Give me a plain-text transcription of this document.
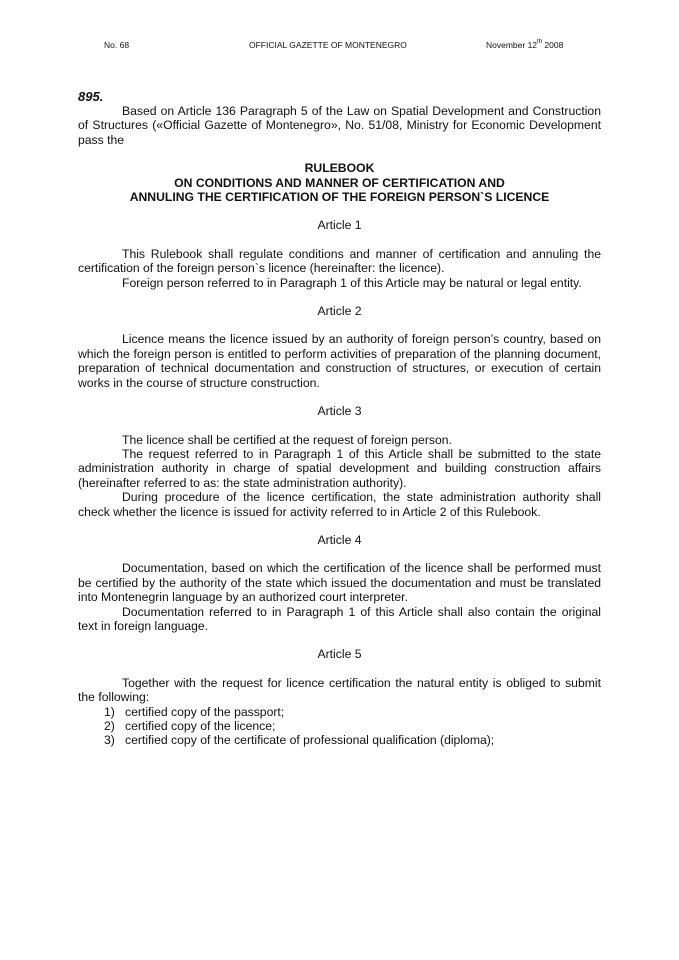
No. 68	OFFICIAL GAZETTE OF MONTENEGRO	November 12th 2008

895.

Based on Article 136 Paragraph 5 of the Law on Spatial Development and Construction of Structures («Official Gazette of Montenegro», No. 51/08, Ministry for Economic Development pass the

RULEBOOK
ON CONDITIONS AND MANNER OF CERTIFICATION AND
ANNULING THE CERTIFICATION OF THE FOREIGN PERSON`S LICENCE
Article 1

This Rulebook shall regulate conditions and manner of certification and annuling the certification of the foreign person`s licence (hereinafter: the licence).

Foreign person referred to in Paragraph 1 of this Article may be natural or legal entity.

Article 2

Licence means the licence issued by an authority of foreign person’s country, based on which the foreign person is entitled to perform activities of preparation of the planning document, preparation of technical documentation and construction of structures, or execution of certain works in the course of structure construction.

Article 3

The licence shall be certified at the request of foreign person.

The request referred to in Paragraph 1 of this Article shall be submitted to the state administration authority in charge of spatial development and building construction affairs (hereinafter referred to as: the state administration authority).

During procedure of the licence certification, the state administration authority shall check whether the licence is issued for activity referred to in Article 2 of this Rulebook.

Article 4

Documentation, based on which the certification of the licence shall be performed must be certified by the authority of the state which issued the documentation and must be translated into Montenegrin language by an authorized court interpreter.

Documentation referred to in Paragraph 1 of this Article shall also contain the original text in foreign language.

Article 5

Together with the request for licence certification the natural entity is obliged to submit the following:

1) certified copy of the passport;
2) certified copy of the licence;
3) certified copy of the certificate of professional qualification (diploma);
